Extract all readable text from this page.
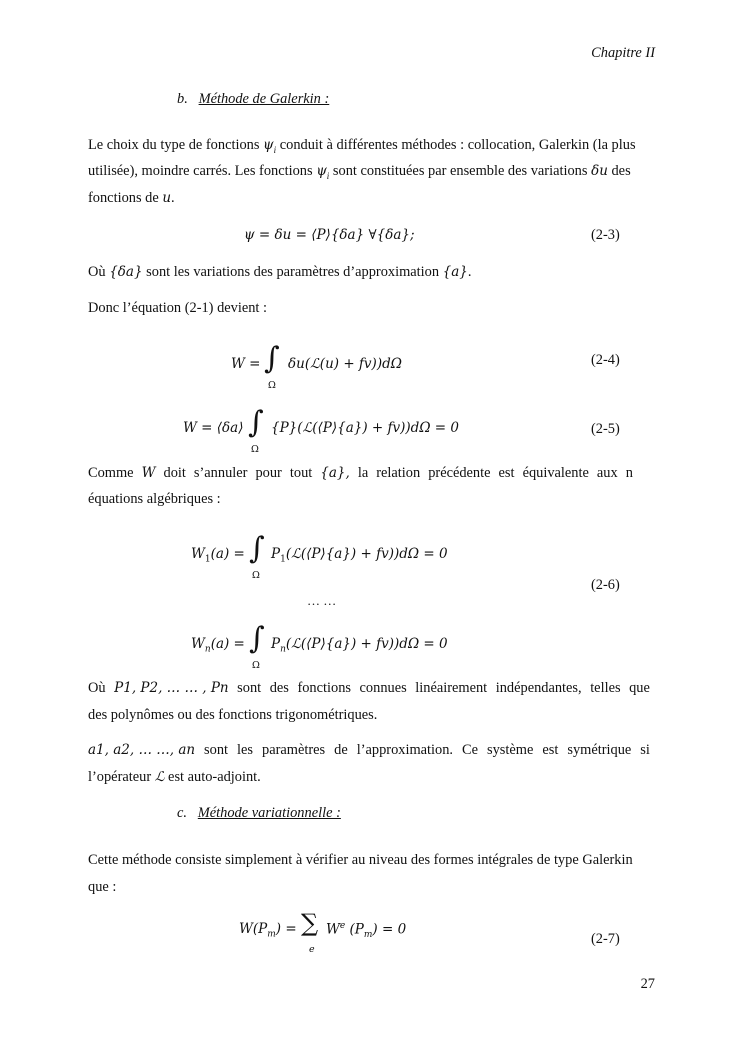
Chapitre II
b. Méthode de Galerkin :
Le choix du type de fonctions $\psi_i$ conduit à différentes méthodes : collocation, Galerkin (la plus
utilisée), moindre carrés. Les fonctions $\psi_i$ sont constituées par ensemble des variations δu des
fonctions de u.
ψ = δu = ⟨P⟩{δa} ∀{δa};	(2-3)
Où {δa} sont les variations des paramètres d’approximation {a}.
Donc l’équation (2-1) devient :
W = ∫
Ω
δu(ℒ(u) + fv))dΩ	(2-4)
W = ⟨δa⟩ ∫
Ω
{P}(ℒ(⟨P⟩{a}) + fv))dΩ = 0	(2-5)
Comme W doit s’annuler pour tout {a}, la relation précédente est équivalente aux n
équations algébriques :
$W_1(a)$ = ∫
Ω
$P_1(ℒ(⟨P⟩\{a\}) + fv))d\Omega = 0$
… …
(2-6)
$W_n(a)$ = ∫
Ω
$P_n(ℒ(⟨P⟩\{a\}) + fv))d\Omega = 0$
Où P1, P2, … … , Pn sont des fonctions connues linéairement indépendantes, telles que
des polynômes ou des fonctions trigonométriques.
a1, a2, … …, an sont les paramètres de l’approximation. Ce système est symétrique si
l’opérateur ℒ est auto-adjoint.
c. Méthode variationnelle :
Cette méthode consiste simplement à vérifier au niveau des formes intégrales de type Galerkin
que :
$W(P_m)$ = ∑
e
$W^e$ $(P_m) = 0$
(2-7)
27
